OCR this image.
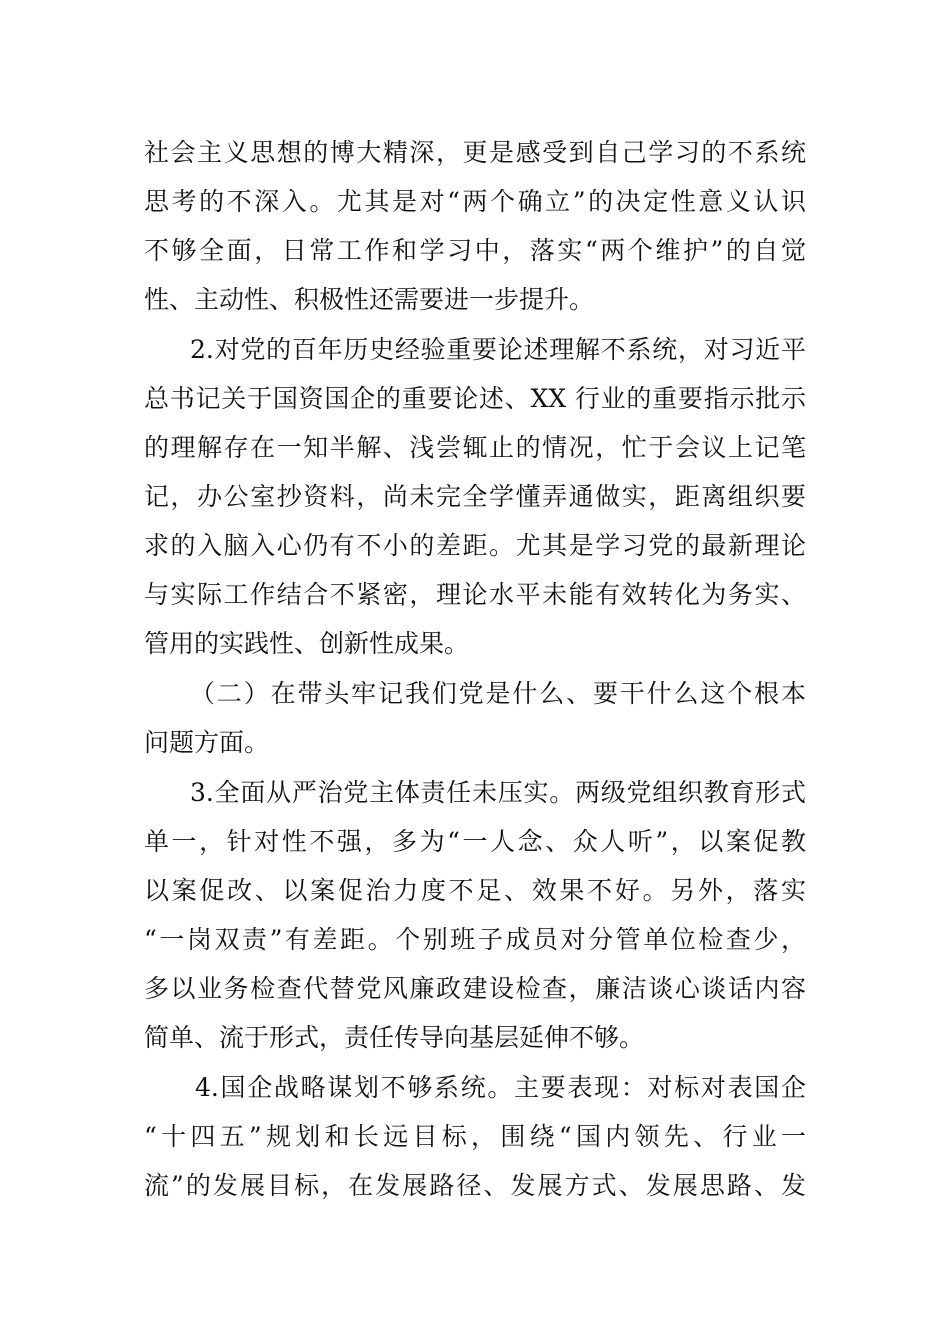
社会主义思想的博大精深，更是感受到自己学习的不系统
思考的不深入。尤其是对“两个确立”的决定性意义认识
不够全面，日常工作和学习中，落实“两个维护”的自觉
性、主动性、积极性还需要进一步提升。
2.对党的百年历史经验重要论述理解不系统，对习近平
总书记关于国资国企的重要论述、XX 行业的重要指示批示
的理解存在一知半解、浅尝辄止的情况，忙于会议上记笔
记，办公室抄资料，尚未完全学懂弄通做实，距离组织要
求的入脑入心仍有不小的差距。尤其是学习党的最新理论
与实际工作结合不紧密，理论水平未能有效转化为务实、
管用的实践性、创新性成果。
（二）在带头牢记我们党是什么、要干什么这个根本
问题方面。
3.全面从严治党主体责任未压实。两级党组织教育形式
单一，针对性不强，多为“一人念、众人听”，以案促教
以案促改、以案促治力度不足、效果不好。另外，落实
“一岗双责”有差距。个别班子成员对分管单位检查少，
多以业务检查代替党风廉政建设检查，廉洁谈心谈话内容
简单、流于形式，责任传导向基层延伸不够。
4.国企战略谋划不够系统。主要表现：对标对表国企
“十四五”规划和长远目标，围绕“国内领先、行业一
流”的发展目标，在发展路径、发展方式、发展思路、发
